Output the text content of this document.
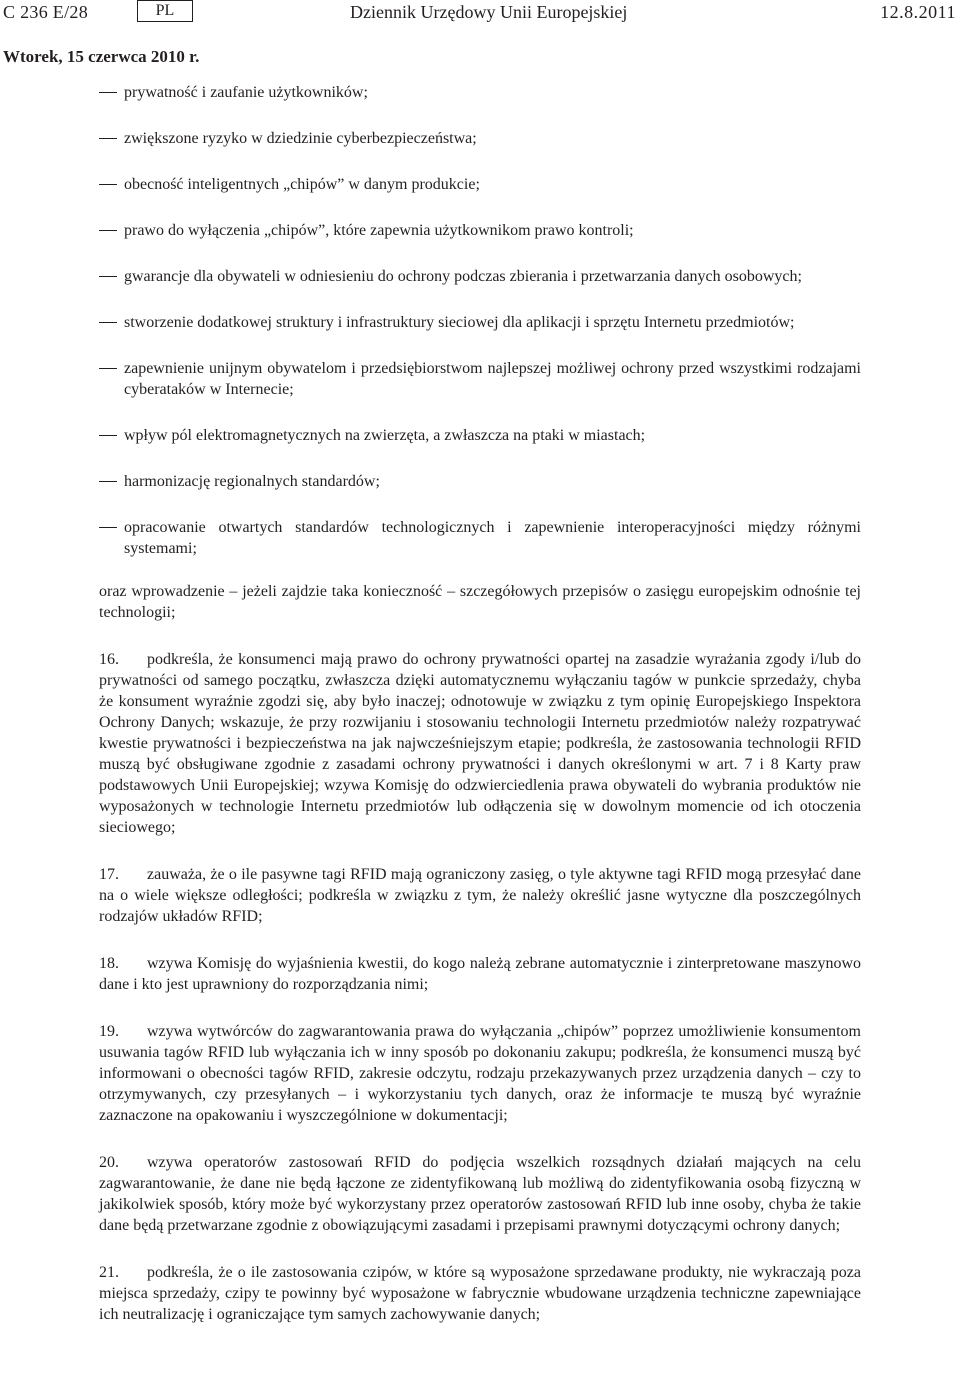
C 236 E/28	PL	Dziennik Urzędowy Unii Europejskiej	12.8.2011
Wtorek, 15 czerwca 2010 r.
prywatność i zaufanie użytkowników;
zwiększone ryzyko w dziedzinie cyberbezpieczeństwa;
obecność inteligentnych „chipów” w danym produkcie;
prawo do wyłączenia „chipów”, które zapewnia użytkownikom prawo kontroli;
gwarancje dla obywateli w odniesieniu do ochrony podczas zbierania i przetwarzania danych osobowych;
stworzenie dodatkowej struktury i infrastruktury sieciowej dla aplikacji i sprzętu Internetu przedmiotów;
zapewnienie unijnym obywatelom i przedsiębiorstwom najlepszej możliwej ochrony przed wszystkimi rodzajami cyberataków w Internecie;
wpływ pól elektromagnetycznych na zwierzęta, a zwłaszcza na ptaki w miastach;
harmonizację regionalnych standardów;
opracowanie otwartych standardów technologicznych i zapewnienie interoperacyjności między różnymi systemami;
oraz wprowadzenie – jeżeli zajdzie taka konieczność – szczegółowych przepisów o zasięgu europejskim odnośnie tej technologii;
16. podkreśla, że konsumenci mają prawo do ochrony prywatności opartej na zasadzie wyrażania zgody i/lub do prywatności od samego początku, zwłaszcza dzięki automatycznemu wyłączaniu tagów w punkcie sprzedaży, chyba że konsument wyraźnie zgodzi się, aby było inaczej; odnotowuje w związku z tym opinię Europejskiego Inspektora Ochrony Danych; wskazuje, że przy rozwijaniu i stosowaniu technologii Internetu przedmiotów należy rozpatrywać kwestie prywatności i bezpieczeństwa na jak najwcześniejszym etapie; podkreśla, że zastosowania technologii RFID muszą być obsługiwane zgodnie z zasadami ochrony prywatności i danych określonymi w art. 7 i 8 Karty praw podstawowych Unii Europejskiej; wzywa Komisję do odzwierciedlenia prawa obywateli do wybrania produktów nie wyposażonych w technologie Internetu przedmiotów lub odłączenia się w dowolnym momencie od ich otoczenia sieciowego;
17. zauważa, że o ile pasywne tagi RFID mają ograniczony zasięg, o tyle aktywne tagi RFID mogą przesyłać dane na o wiele większe odległości; podkreśla w związku z tym, że należy określić jasne wytyczne dla poszczególnych rodzajów układów RFID;
18. wzywa Komisję do wyjaśnienia kwestii, do kogo należą zebrane automatycznie i zinterpretowane maszynowo dane i kto jest uprawniony do rozporządzania nimi;
19. wzywa wytwórców do zagwarantowania prawa do wyłączania „chipów” poprzez umożliwienie konsumentom usuwania tagów RFID lub wyłączania ich w inny sposób po dokonaniu zakupu; podkreśla, że konsumenci muszą być informowani o obecności tagów RFID, zakresie odczytu, rodzaju przekazywanych przez urządzenia danych – czy to otrzymywanych, czy przesyłanych – i wykorzystaniu tych danych, oraz że informacje te muszą być wyraźnie zaznaczone na opakowaniu i wyszczególnione w dokumentacji;
20. wzywa operatorów zastosowań RFID do podjęcia wszelkich rozsądnych działań mających na celu zagwarantowanie, że dane nie będą łączone ze zidentyfikowaną lub możliwą do zidentyfikowania osobą fizyczną w jakikolwiek sposób, który może być wykorzystany przez operatorów zastosowań RFID lub inne osoby, chyba że takie dane będą przetwarzane zgodnie z obowiązującymi zasadami i przepisami prawnymi dotyczącymi ochrony danych;
21. podkreśla, że o ile zastosowania czipów, w które są wyposażone sprzedawane produkty, nie wykraczają poza miejsca sprzedaży, czipy te powinny być wyposażone w fabrycznie wbudowane urządzenia techniczne zapewniające ich neutralizację i ograniczające tym samych zachowywanie danych;
